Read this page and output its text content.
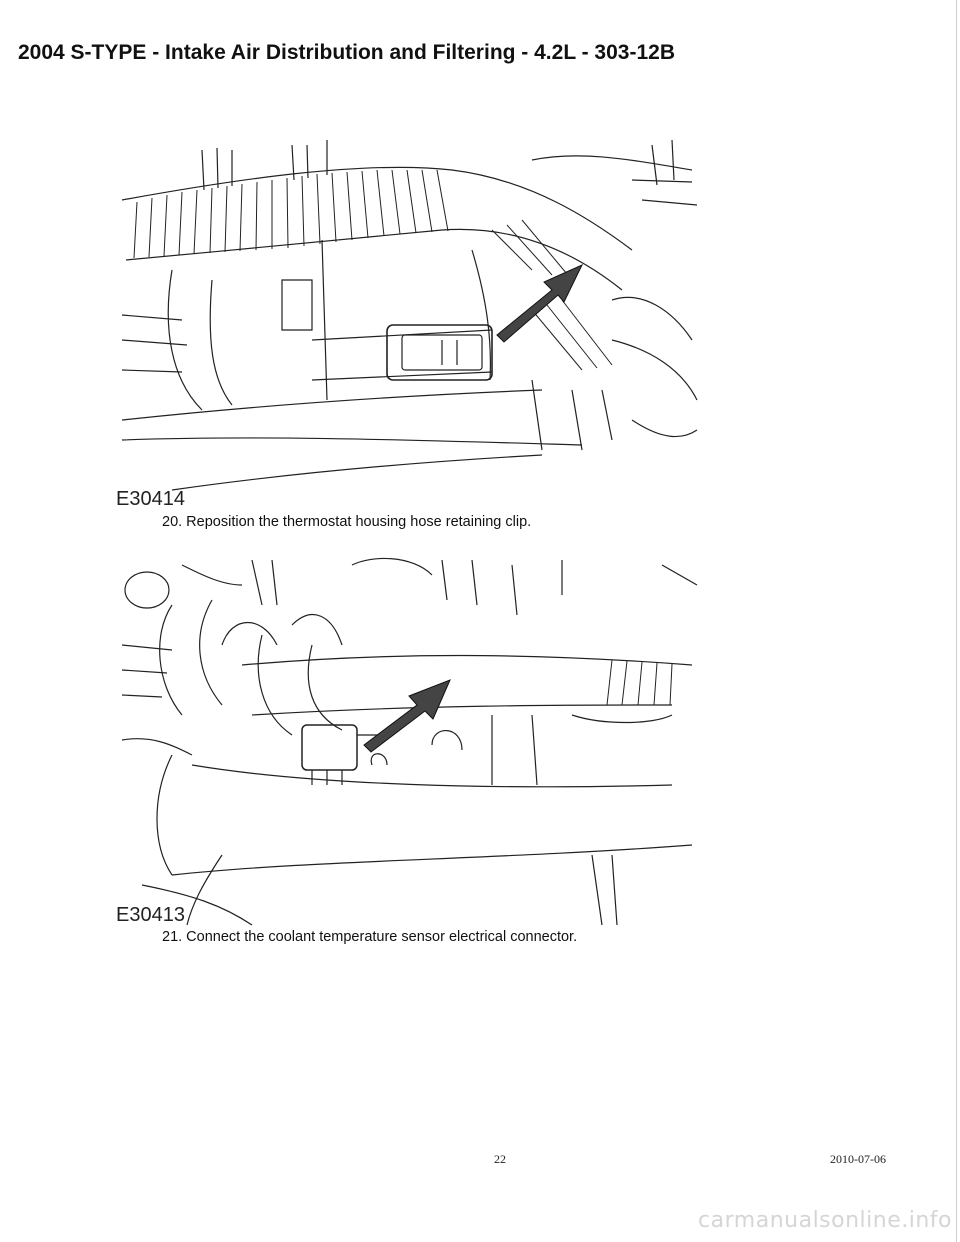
2004 S-TYPE - Intake Air Distribution and Filtering - 4.2L - 303-12B
E30414
20. Reposition the thermostat housing hose retaining clip.
E30413
21. Connect the coolant temperature sensor electrical connector.
22	2010-07-06
carmanualsonline.info
